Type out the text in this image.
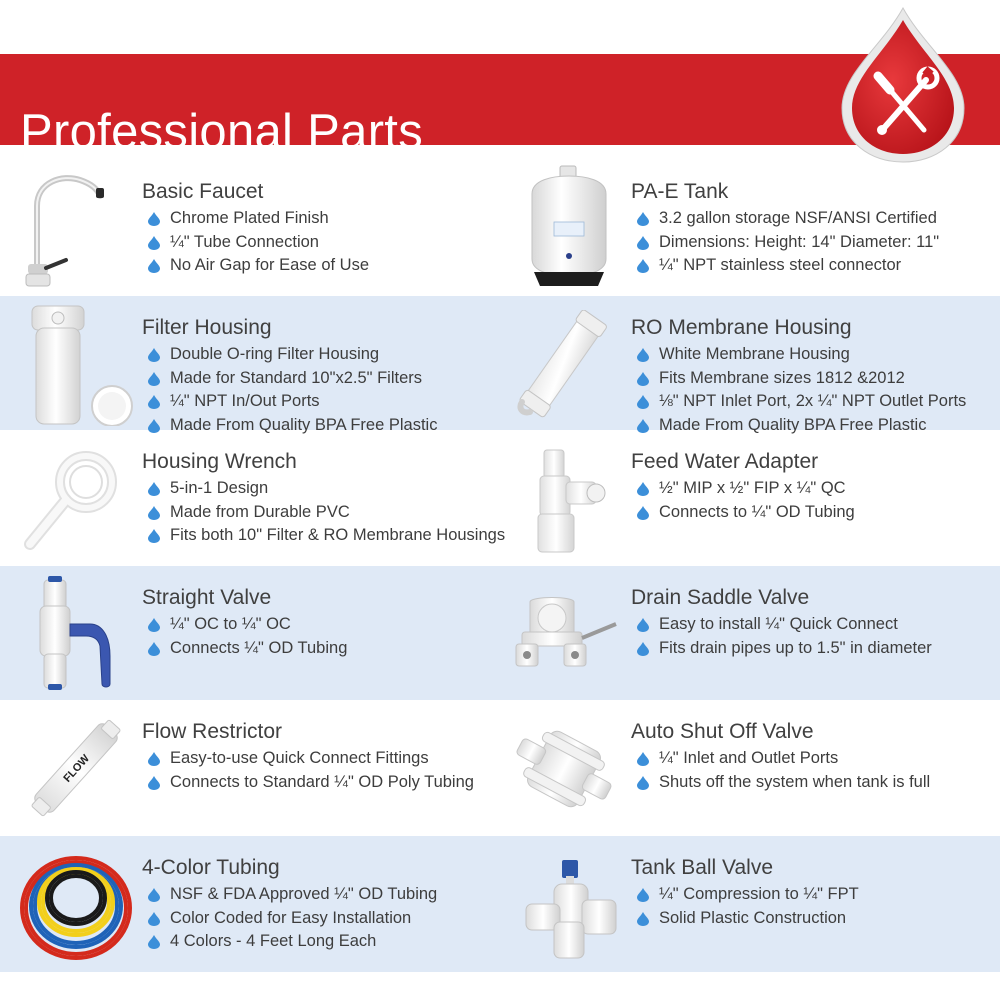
Professional Parts
Basic Faucet
Chrome Plated Finish
¼" Tube Connection
No Air Gap for Ease of Use
PA-E Tank
3.2 gallon storage NSF/ANSI Certified
Dimensions: Height: 14" Diameter: 11"
¼" NPT stainless steel connector
Filter Housing
Double O-ring Filter Housing
Made for Standard 10"x2.5" Filters
¼" NPT In/Out Ports
Made From Quality BPA Free Plastic
RO Membrane Housing
White Membrane Housing
Fits Membrane sizes 1812 &2012
⅛" NPT Inlet Port, 2x ¼" NPT Outlet Ports
Made From Quality BPA Free Plastic
Housing Wrench
5-in-1 Design
Made from Durable PVC
Fits both 10" Filter & RO Membrane Housings
Feed Water Adapter
½" MIP x ½" FIP x ¼" QC
Connects to ¼" OD Tubing
Straight Valve
¼" OC to ¼" OC
Connects ¼" OD Tubing
Drain Saddle Valve
Easy to install ¼" Quick Connect
Fits drain pipes up to 1.5" in diameter
FLOW
Flow Restrictor
Easy-to-use Quick Connect Fittings
Connects to Standard ¼" OD Poly Tubing
Auto Shut Off Valve
¼" Inlet and Outlet Ports
Shuts off the system when tank is full
4-Color Tubing
NSF & FDA Approved ¼" OD Tubing
Color Coded for Easy Installation
4 Colors - 4 Feet Long Each
Tank Ball Valve
¼" Compression to ¼" FPT
Solid Plastic Construction
